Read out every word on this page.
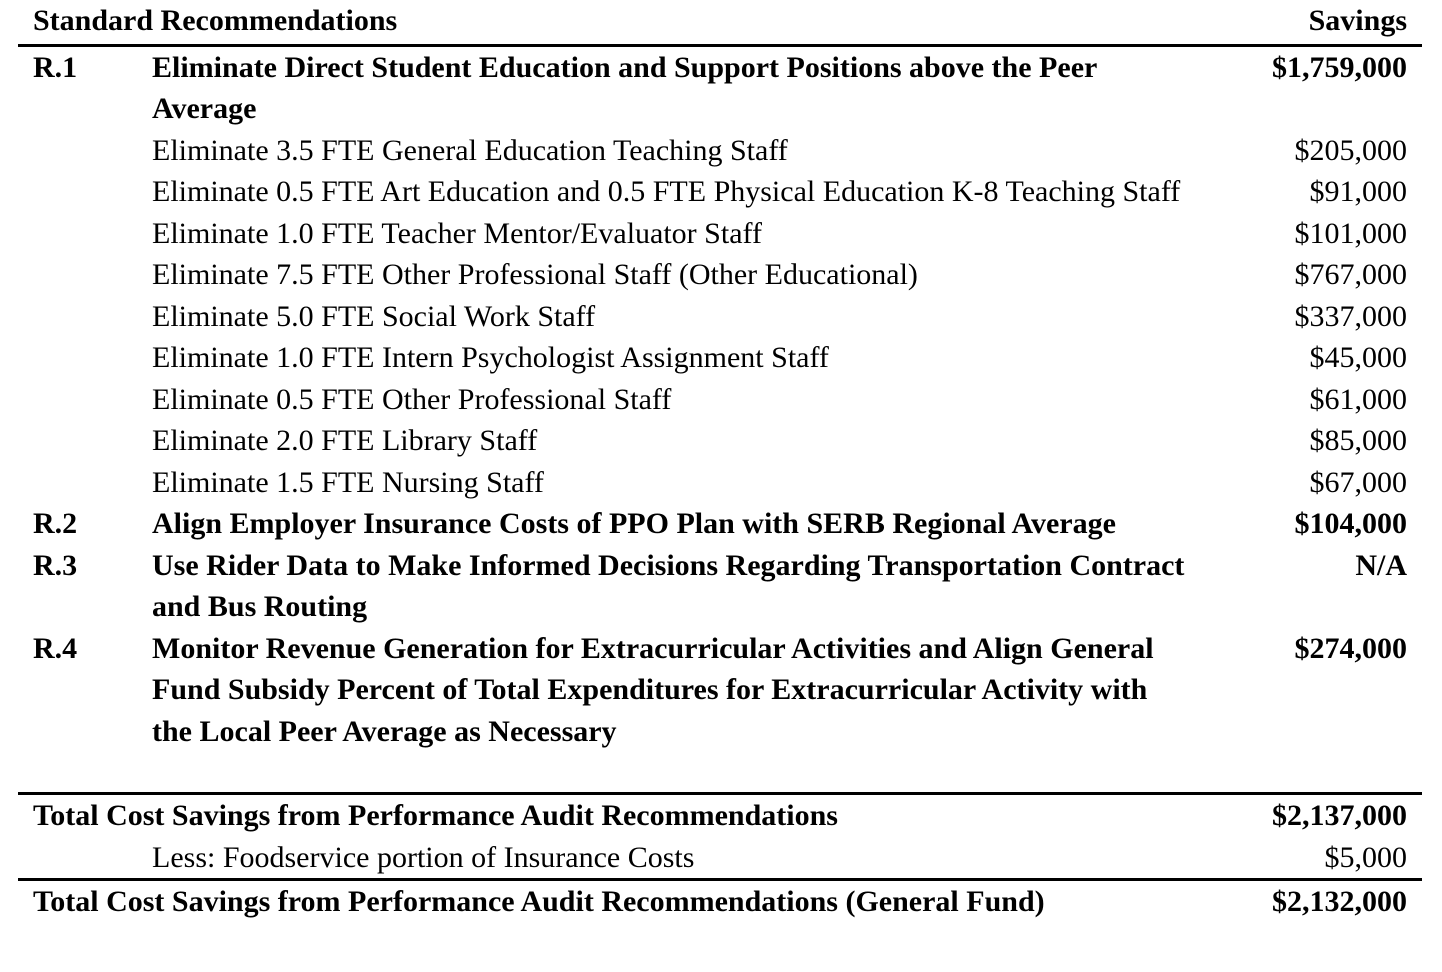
Standard Recommendations		Savings

R.1	Eliminate Direct Student Education and Support Positions above the Peer Average	$1,759,000
	Eliminate 3.5 FTE General Education Teaching Staff	$205,000
	Eliminate 0.5 FTE Art Education and 0.5 FTE Physical Education K-8 Teaching Staff	$91,000
	Eliminate 1.0 FTE Teacher Mentor/Evaluator Staff	$101,000
	Eliminate 7.5 FTE Other Professional Staff (Other Educational)	$767,000
	Eliminate 5.0 FTE Social Work Staff	$337,000
	Eliminate 1.0 FTE Intern Psychologist Assignment Staff	$45,000
	Eliminate 0.5 FTE Other Professional Staff	$61,000
	Eliminate 2.0 FTE Library Staff	$85,000
	Eliminate 1.5 FTE Nursing Staff	$67,000
R.2	Align Employer Insurance Costs of PPO Plan with SERB Regional Average	$104,000
R.3	Use Rider Data to Make Informed Decisions Regarding Transportation Contract and Bus Routing	N/A
R.4	Monitor Revenue Generation for Extracurricular Activities and Align General Fund Subsidy Percent of Total Expenditures for Extracurricular Activity with the Local Peer Average as Necessary	$274,000

Total Cost Savings from Performance Audit Recommendations		$2,137,000
Less: Foodservice portion of Insurance Costs		$5,000

Total Cost Savings from Performance Audit Recommendations (General Fund)		$2,132,000
